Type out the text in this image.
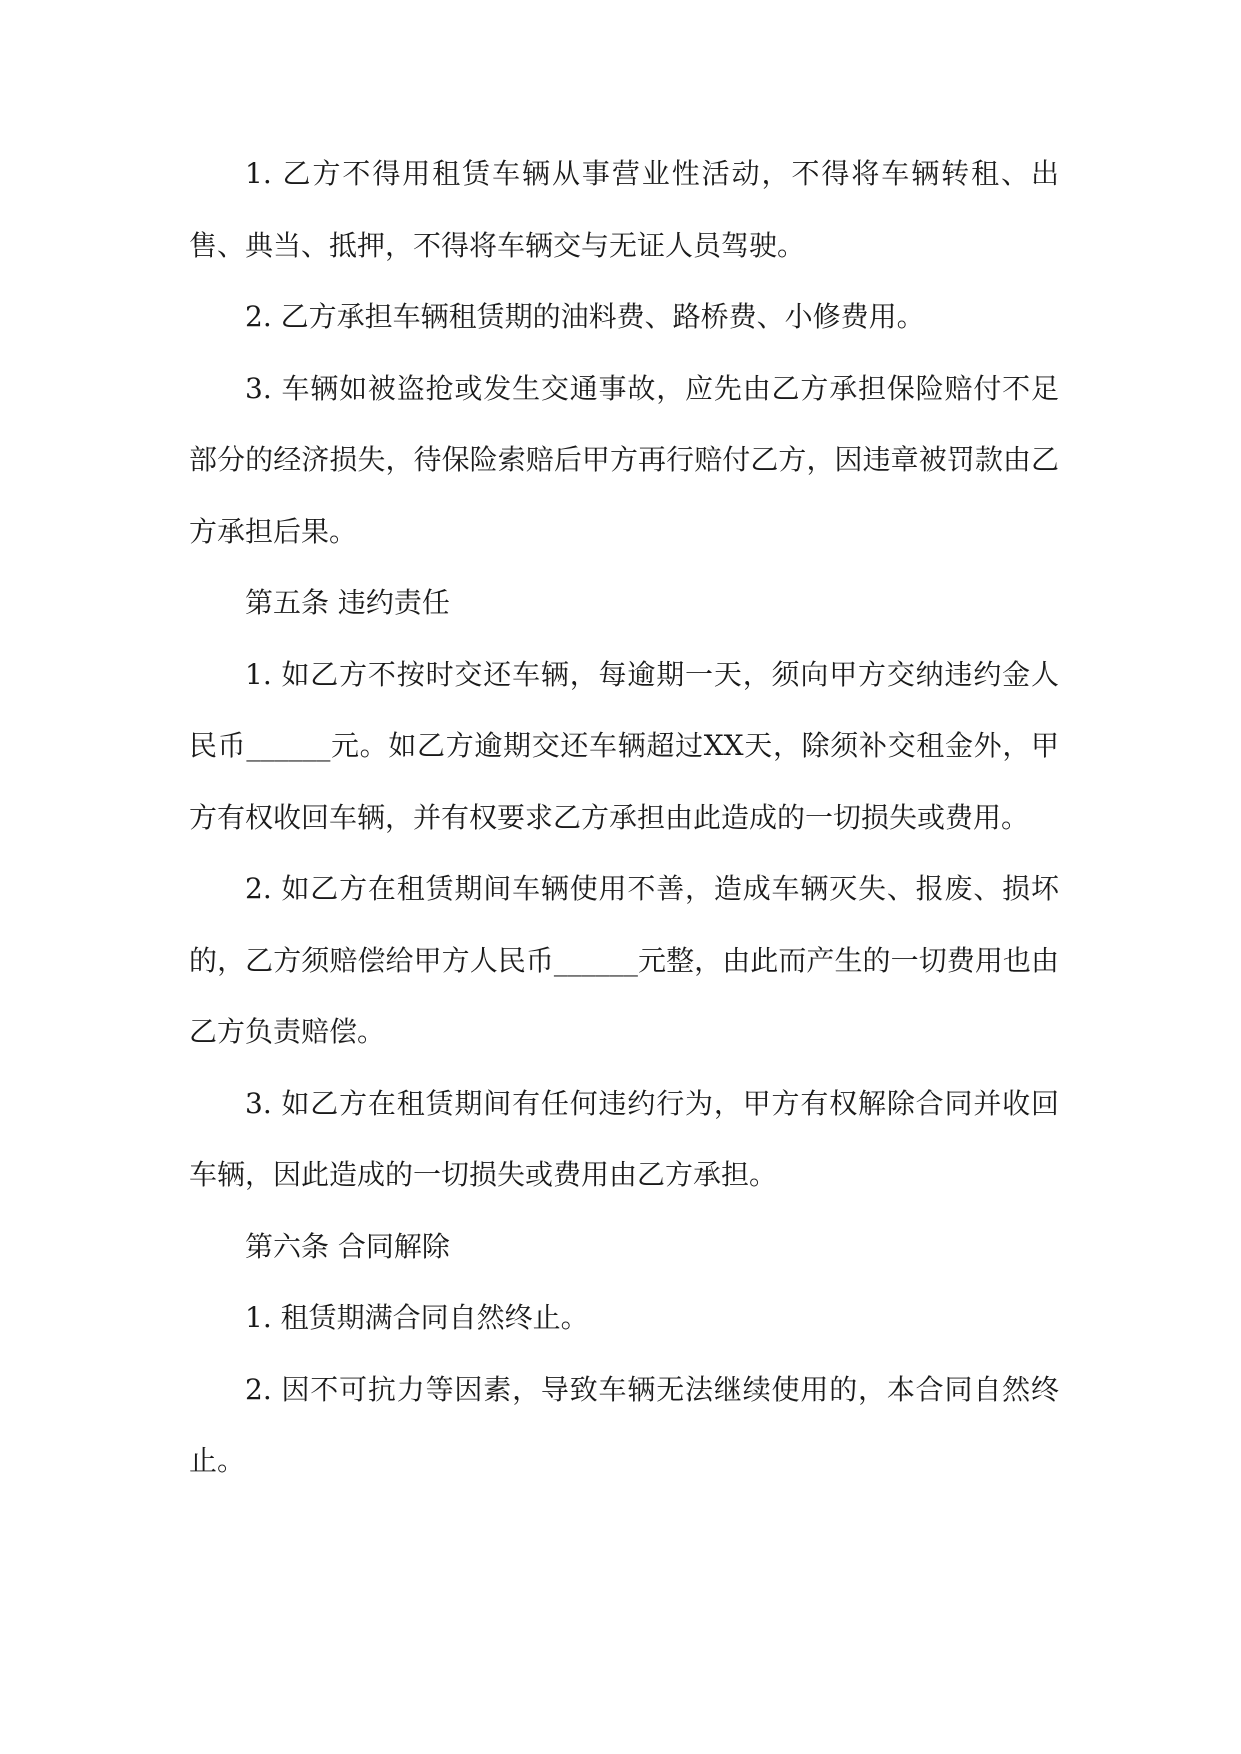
1. 乙方不得用租赁车辆从事营业性活动，不得将车辆转租、出售、典当、抵押，不得将车辆交与无证人员驾驶。

2. 乙方承担车辆租赁期的油料费、路桥费、小修费用。

3. 车辆如被盗抢或发生交通事故，应先由乙方承担保险赔付不足部分的经济损失，待保险索赔后甲方再行赔付乙方，因违章被罚款由乙方承担后果。

第五条 违约责任

1. 如乙方不按时交还车辆，每逾期一天，须向甲方交纳违约金人民币______元。如乙方逾期交还车辆超过XX天，除须补交租金外，甲方有权收回车辆，并有权要求乙方承担由此造成的一切损失或费用。

2. 如乙方在租赁期间车辆使用不善，造成车辆灭失、报废、损坏的，乙方须赔偿给甲方人民币______元整，由此而产生的一切费用也由乙方负责赔偿。

3. 如乙方在租赁期间有任何违约行为，甲方有权解除合同并收回车辆，因此造成的一切损失或费用由乙方承担。

第六条 合同解除

1. 租赁期满合同自然终止。

2. 因不可抗力等因素，导致车辆无法继续使用的，本合同自然终止。
